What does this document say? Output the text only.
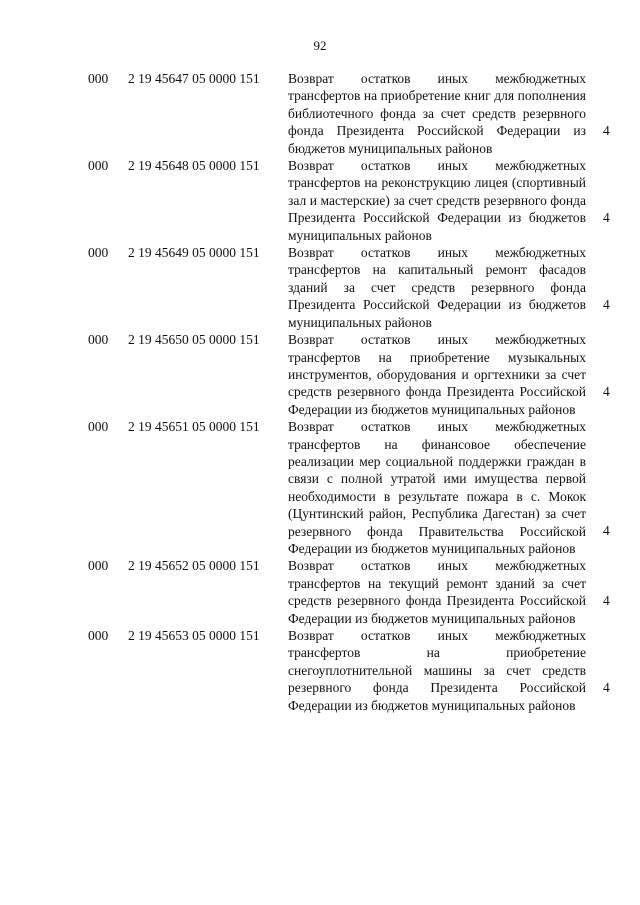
92
000 2 19 45647 05 0000 151 Возврат остатков иных межбюджетных трансфертов на приобретение книг для пополнения библиотечного фонда за счет средств резервного фонда Президента Российской Федерации из бюджетов муниципальных районов
4
000 2 19 45648 05 0000 151 Возврат остатков иных межбюджетных трансфертов на реконструкцию лицея (спортивный зал и мастерские) за счет средств резервного фонда Президента Российской Федерации из бюджетов муниципальных районов
4
000 2 19 45649 05 0000 151 Возврат остатков иных межбюджетных трансфертов на капитальный ремонт фасадов зданий за счет средств резервного фонда Президента Российской Федерации из бюджетов муниципальных районов
4
000 2 19 45650 05 0000 151 Возврат остатков иных межбюджетных трансфертов на приобретение музыкальных инструментов, оборудования и оргтехники за счет средств резервного фонда Президента Российской Федерации из бюджетов муниципальных районов
4
000 2 19 45651 05 0000 151 Возврат остатков иных межбюджетных трансфертов на финансовое обеспечение реализации мер социальной поддержки граждан в связи с полной утратой ими имущества первой необходимости в результате пожара в с. Мокок (Цунтинский район, Республика Дагестан) за счет резервного фонда Правительства Российской Федерации из бюджетов муниципальных районов
4
000 2 19 45652 05 0000 151 Возврат остатков иных межбюджетных трансфертов на текущий ремонт зданий за счет средств резервного фонда Президента Российской Федерации из бюджетов муниципальных районов
4
000 2 19 45653 05 0000 151 Возврат остатков иных межбюджетных трансфертов на приобретение снегоуплотнительной машины за счет средств резервного фонда Президента Российской Федерации из бюджетов муниципальных районов
4
